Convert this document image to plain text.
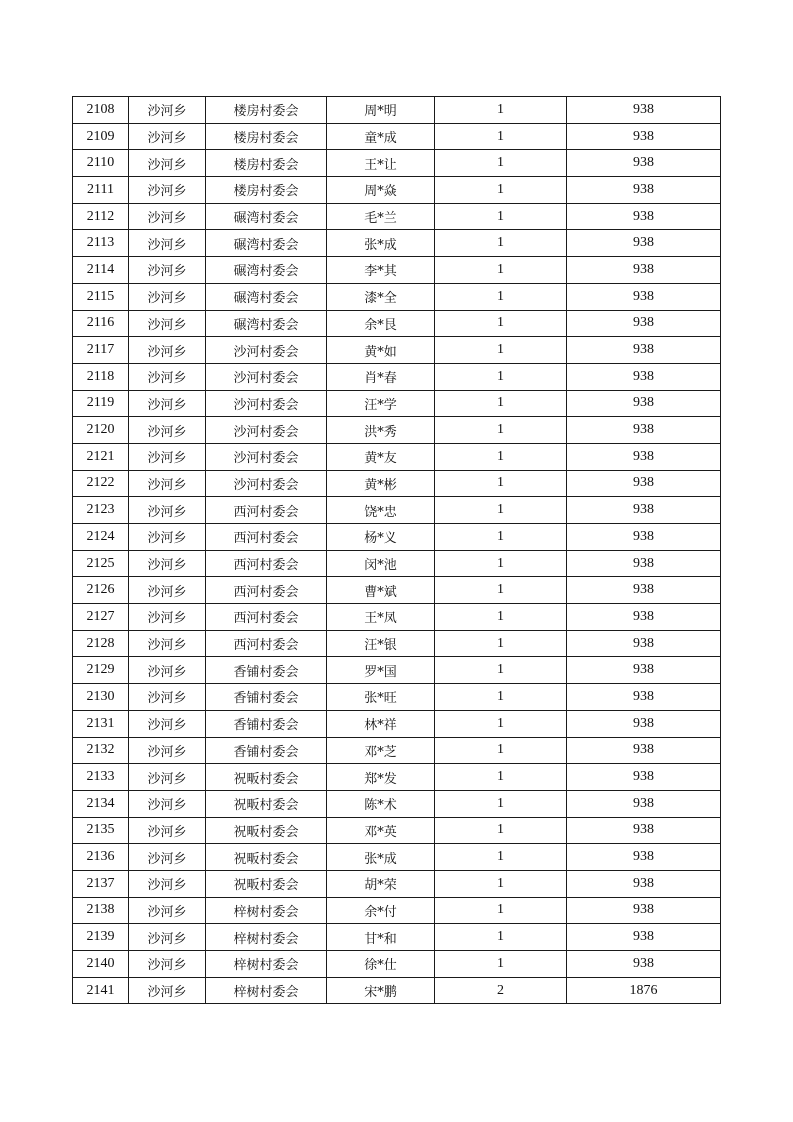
2108	沙河乡	楼房村委会	周*明	1	938
2109	沙河乡	楼房村委会	童*成	1	938
2110	沙河乡	楼房村委会	王*让	1	938
2111	沙河乡	楼房村委会	周*焱	1	938
2112	沙河乡	碾湾村委会	毛*兰	1	938
2113	沙河乡	碾湾村委会	张*成	1	938
2114	沙河乡	碾湾村委会	李*其	1	938
2115	沙河乡	碾湾村委会	漆*全	1	938
2116	沙河乡	碾湾村委会	余*艮	1	938
2117	沙河乡	沙河村委会	黄*如	1	938
2118	沙河乡	沙河村委会	肖*春	1	938
2119	沙河乡	沙河村委会	汪*学	1	938
2120	沙河乡	沙河村委会	洪*秀	1	938
2121	沙河乡	沙河村委会	黄*友	1	938
2122	沙河乡	沙河村委会	黄*彬	1	938
2123	沙河乡	西河村委会	饶*忠	1	938
2124	沙河乡	西河村委会	杨*义	1	938
2125	沙河乡	西河村委会	闵*池	1	938
2126	沙河乡	西河村委会	曹*斌	1	938
2127	沙河乡	西河村委会	王*凤	1	938
2128	沙河乡	西河村委会	汪*银	1	938
2129	沙河乡	香铺村委会	罗*国	1	938
2130	沙河乡	香铺村委会	张*旺	1	938
2131	沙河乡	香铺村委会	林*祥	1	938
2132	沙河乡	香铺村委会	邓*芝	1	938
2133	沙河乡	祝畈村委会	郑*发	1	938
2134	沙河乡	祝畈村委会	陈*术	1	938
2135	沙河乡	祝畈村委会	邓*英	1	938
2136	沙河乡	祝畈村委会	张*成	1	938
2137	沙河乡	祝畈村委会	胡*荣	1	938
2138	沙河乡	梓树村委会	余*付	1	938
2139	沙河乡	梓树村委会	甘*和	1	938
2140	沙河乡	梓树村委会	徐*仕	1	938
2141	沙河乡	梓树村委会	宋*鹏	2	1876
